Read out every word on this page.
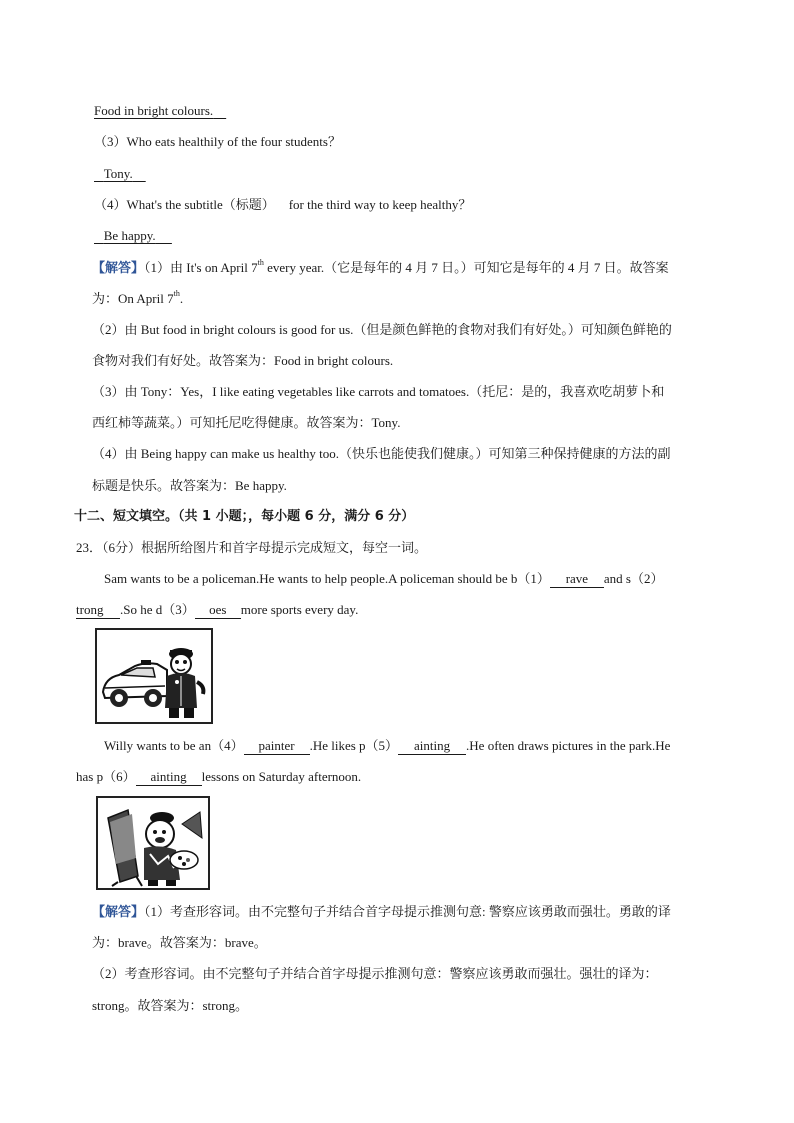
Food in bright colours.
（3）Who eats healthily of the four students？
Tony.
（4）What's the subtitle（标题） for the third way to keep healthy？
Be happy.
【解答】（1）由 It's on April 7th every year.（它是每年的 4 月 7 日。）可知它是每年的 4 月 7 日。故答案
为：On April 7th.
（2）由 But food in bright colours is good for us.（但是颜色鲜艳的食物对我们有好处。）可知颜色鲜艳的
食物对我们有好处。故答案为：Food in bright colours.
（3）由 Tony：Yes，I like eating vegetables like carrots and tomatoes.（托尼：是的，我喜欢吃胡萝卜和
西红柿等蔬菜。）可知托尼吃得健康。故答案为：Tony.
（4）由 Being happy can make us healthy too.（快乐也能使我们健康。）可知第三种保持健康的方法的副
标题是快乐。故答案为：Be happy.
十二、短文填空。（共 1 小题；，每小题 6 分，满分 6 分）
23．（6分）根据所给图片和首字母提示完成短文，每空一词。
Sam wants to be a policeman.He wants to help people.A policeman should be b（1） rave and s（2）
trong .So he d（3） oes more sports every day.
Willy wants to be an（4） painter .He likes p（5） ainting .He often draws pictures in the park.He
has p（6） ainting lessons on Saturday afternoon.
【解答】（1）考查形容词。由不完整句子并结合首字母提示推测句意: 警察应该勇敢而强壮。勇敢的译
为：brave。故答案为：brave。
（2）考查形容词。由不完整句子并结合首字母提示推测句意：警察应该勇敢而强壮。强壮的译为：
strong。故答案为：strong。
